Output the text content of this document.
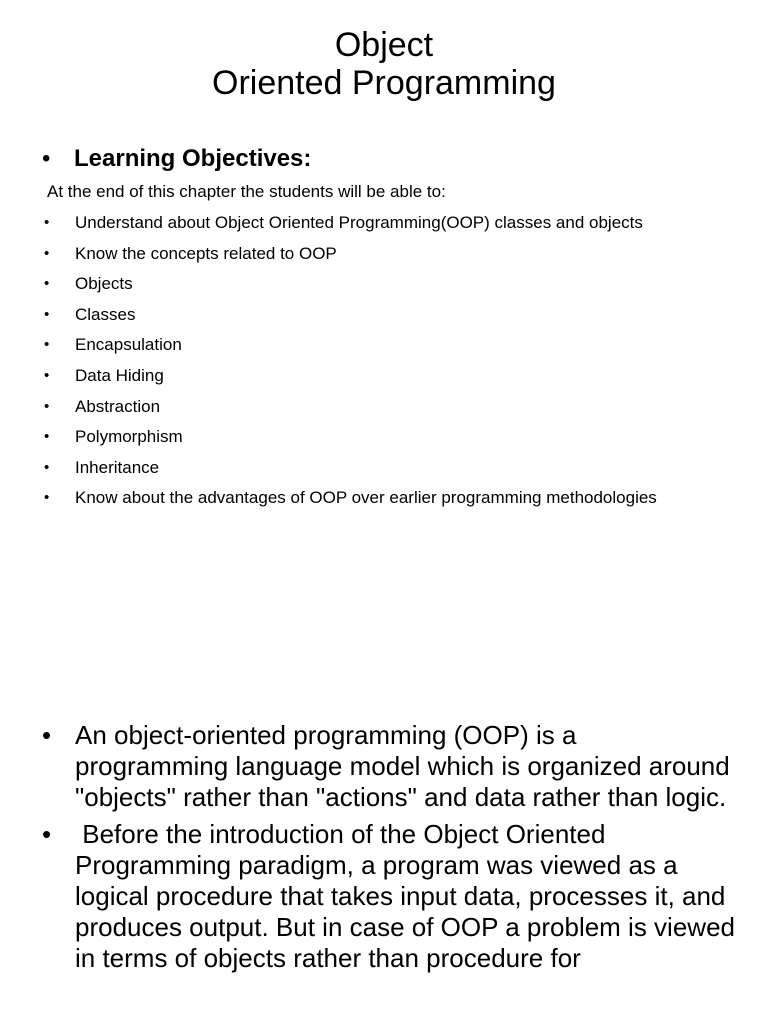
Object
Oriented Programming
• Learning Objectives:
At the end of this chapter the students will be able to:
• Understand about Object Oriented Programming(OOP) classes and objects
• Know the concepts related to OOP
• Objects
• Classes
• Encapsulation
• Data Hiding
• Abstraction
• Polymorphism
• Inheritance
• Know about the advantages of OOP over earlier programming methodologies
• An object-oriented programming (OOP) is a programming language model which is organized around "objects" rather than "actions" and data rather than logic.
• Before the introduction of the Object Oriented Programming paradigm, a program was viewed as a logical procedure that takes input data, processes it, and produces output. But in case of OOP a problem is viewed in terms of objects rather than procedure for
